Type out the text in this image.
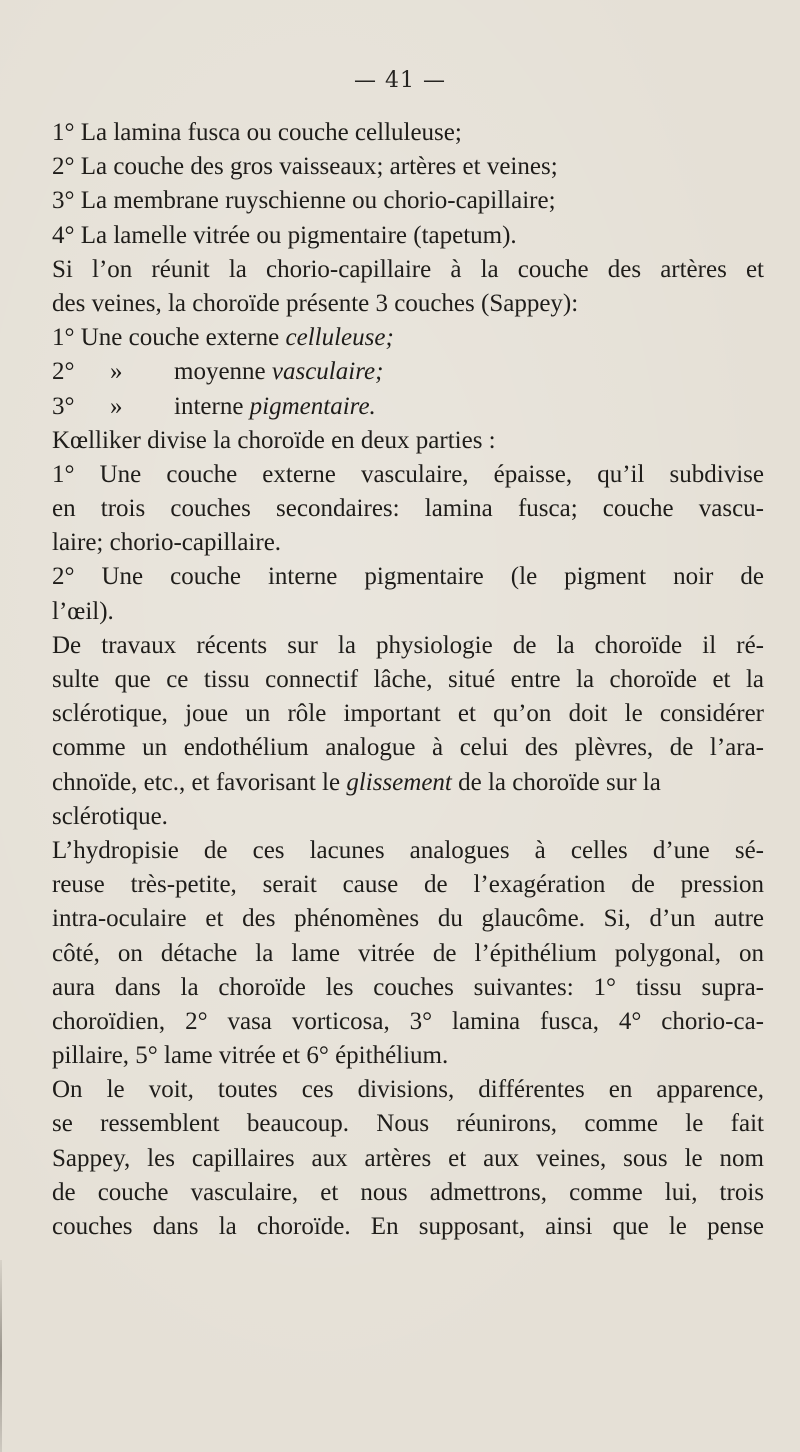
— 41 —
1° La lamina fusca ou couche celluleuse;
2° La couche des gros vaisseaux; artères et veines;
3° La membrane ruyschienne ou chorio-capillaire;
4° La lamelle vitrée ou pigmentaire (tapetum).
Si l’on réunit la chorio-capillaire à la couche des artères et
des veines, la choroïde présente 3 couches (Sappey):
1° Une couche externe celluleuse;
2° » moyenne vasculaire;
3° » interne pigmentaire.
Kœlliker divise la choroïde en deux parties :
1° Une couche externe vasculaire, épaisse, qu’il subdivise
en trois couches secondaires: lamina fusca; couche vascu-
laire; chorio-capillaire.
2° Une couche interne pigmentaire (le pigment noir de
l’œil).
De travaux récents sur la physiologie de la choroïde il ré-
sulte que ce tissu connectif lâche, situé entre la choroïde et la
sclérotique, joue un rôle important et qu’on doit le considérer
comme un endothélium analogue à celui des plèvres, de l’ara-
chnoïde, etc., et favorisant le glissement de la choroïde sur la
sclérotique.
L’hydropisie de ces lacunes analogues à celles d’une sé-
reuse très-petite, serait cause de l’exagération de pression
intra-oculaire et des phénomènes du glaucôme. Si, d’un autre
côté, on détache la lame vitrée de l’épithélium polygonal, on
aura dans la choroïde les couches suivantes: 1° tissu supra-
choroïdien, 2° vasa vorticosa, 3° lamina fusca, 4° chorio-ca-
pillaire, 5° lame vitrée et 6° épithélium.
On le voit, toutes ces divisions, différentes en apparence,
se ressemblent beaucoup. Nous réunirons, comme le fait
Sappey, les capillaires aux artères et aux veines, sous le nom
de couche vasculaire, et nous admettrons, comme lui, trois
couches dans la choroïde. En supposant, ainsi que le pense
